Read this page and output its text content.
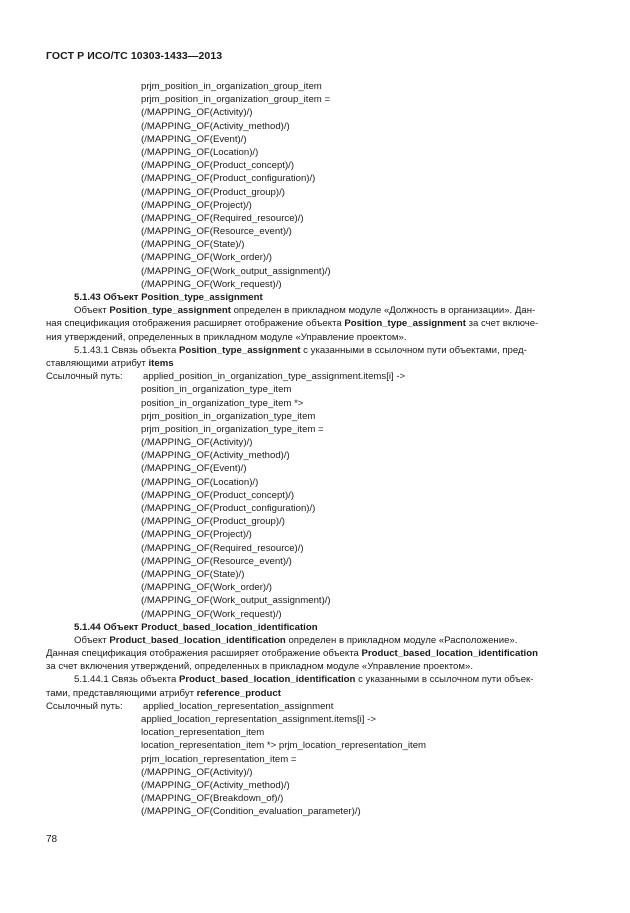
ГОСТ Р ИСО/ТС 10303-1433—2013
prjm_position_in_organization_group_item
prjm_position_in_organization_group_item =
(/MAPPING_OF(Activity)/)
(/MAPPING_OF(Activity_method)/)
(/MAPPING_OF(Event)/)
(/MAPPING_OF(Location)/)
(/MAPPING_OF(Product_concept)/)
(/MAPPING_OF(Product_configuration)/)
(/MAPPING_OF(Product_group)/)
(/MAPPING_OF(Project)/)
(/MAPPING_OF(Required_resource)/)
(/MAPPING_OF(Resource_event)/)
(/MAPPING_OF(State)/)
(/MAPPING_OF(Work_order)/)
(/MAPPING_OF(Work_output_assignment)/)
(/MAPPING_OF(Work_request)/)
5.1.43 Объект Position_type_assignment
Объект Position_type_assignment определен в прикладном модуле «Должность в организации». Дан-
ная спецификация отображения расширяет отображение объекта Position_type_assignment за счет включе-
ния утверждений, определенных в прикладном модуле «Управление проектом».
5.1.43.1 Связь объекта Position_type_assignment с указанными в ссылочном пути объектами, пред-
ставляющими атрибут items
Ссылочный путь: applied_position_in_organization_type_assignment.items[i] ->
position_in_organization_type_item
position_in_organization_type_item *>
prjm_position_in_organization_type_item
prjm_position_in_organization_type_item =
(/MAPPING_OF(Activity)/)
(/MAPPING_OF(Activity_method)/)
(/MAPPING_OF(Event)/)
(/MAPPING_OF(Location)/)
(/MAPPING_OF(Product_concept)/)
(/MAPPING_OF(Product_configuration)/)
(/MAPPING_OF(Product_group)/)
(/MAPPING_OF(Project)/)
(/MAPPING_OF(Required_resource)/)
(/MAPPING_OF(Resource_event)/)
(/MAPPING_OF(State)/)
(/MAPPING_OF(Work_order)/)
(/MAPPING_OF(Work_output_assignment)/)
(/MAPPING_OF(Work_request)/)
5.1.44 Объект Product_based_location_identification
Объект Product_based_location_identification определен в прикладном модуле «Расположение».
Данная спецификация отображения расширяет отображение объекта Product_based_location_identification
за счет включения утверждений, определенных в прикладном модуле «Управление проектом».
5.1.44.1 Связь объекта Product_based_location_identification с указанными в ссылочном пути объек-
тами, представляющими атрибут reference_product
Ссылочный путь: applied_location_representation_assignment
applied_location_representation_assignment.items[i] ->
location_representation_item
location_representation_item *> prjm_location_representation_item
prjm_location_representation_item =
(/MAPPING_OF(Activity)/)
(/MAPPING_OF(Activity_method)/)
(/MAPPING_OF(Breakdown_of)/)
(/MAPPING_OF(Condition_evaluation_parameter)/)
78
